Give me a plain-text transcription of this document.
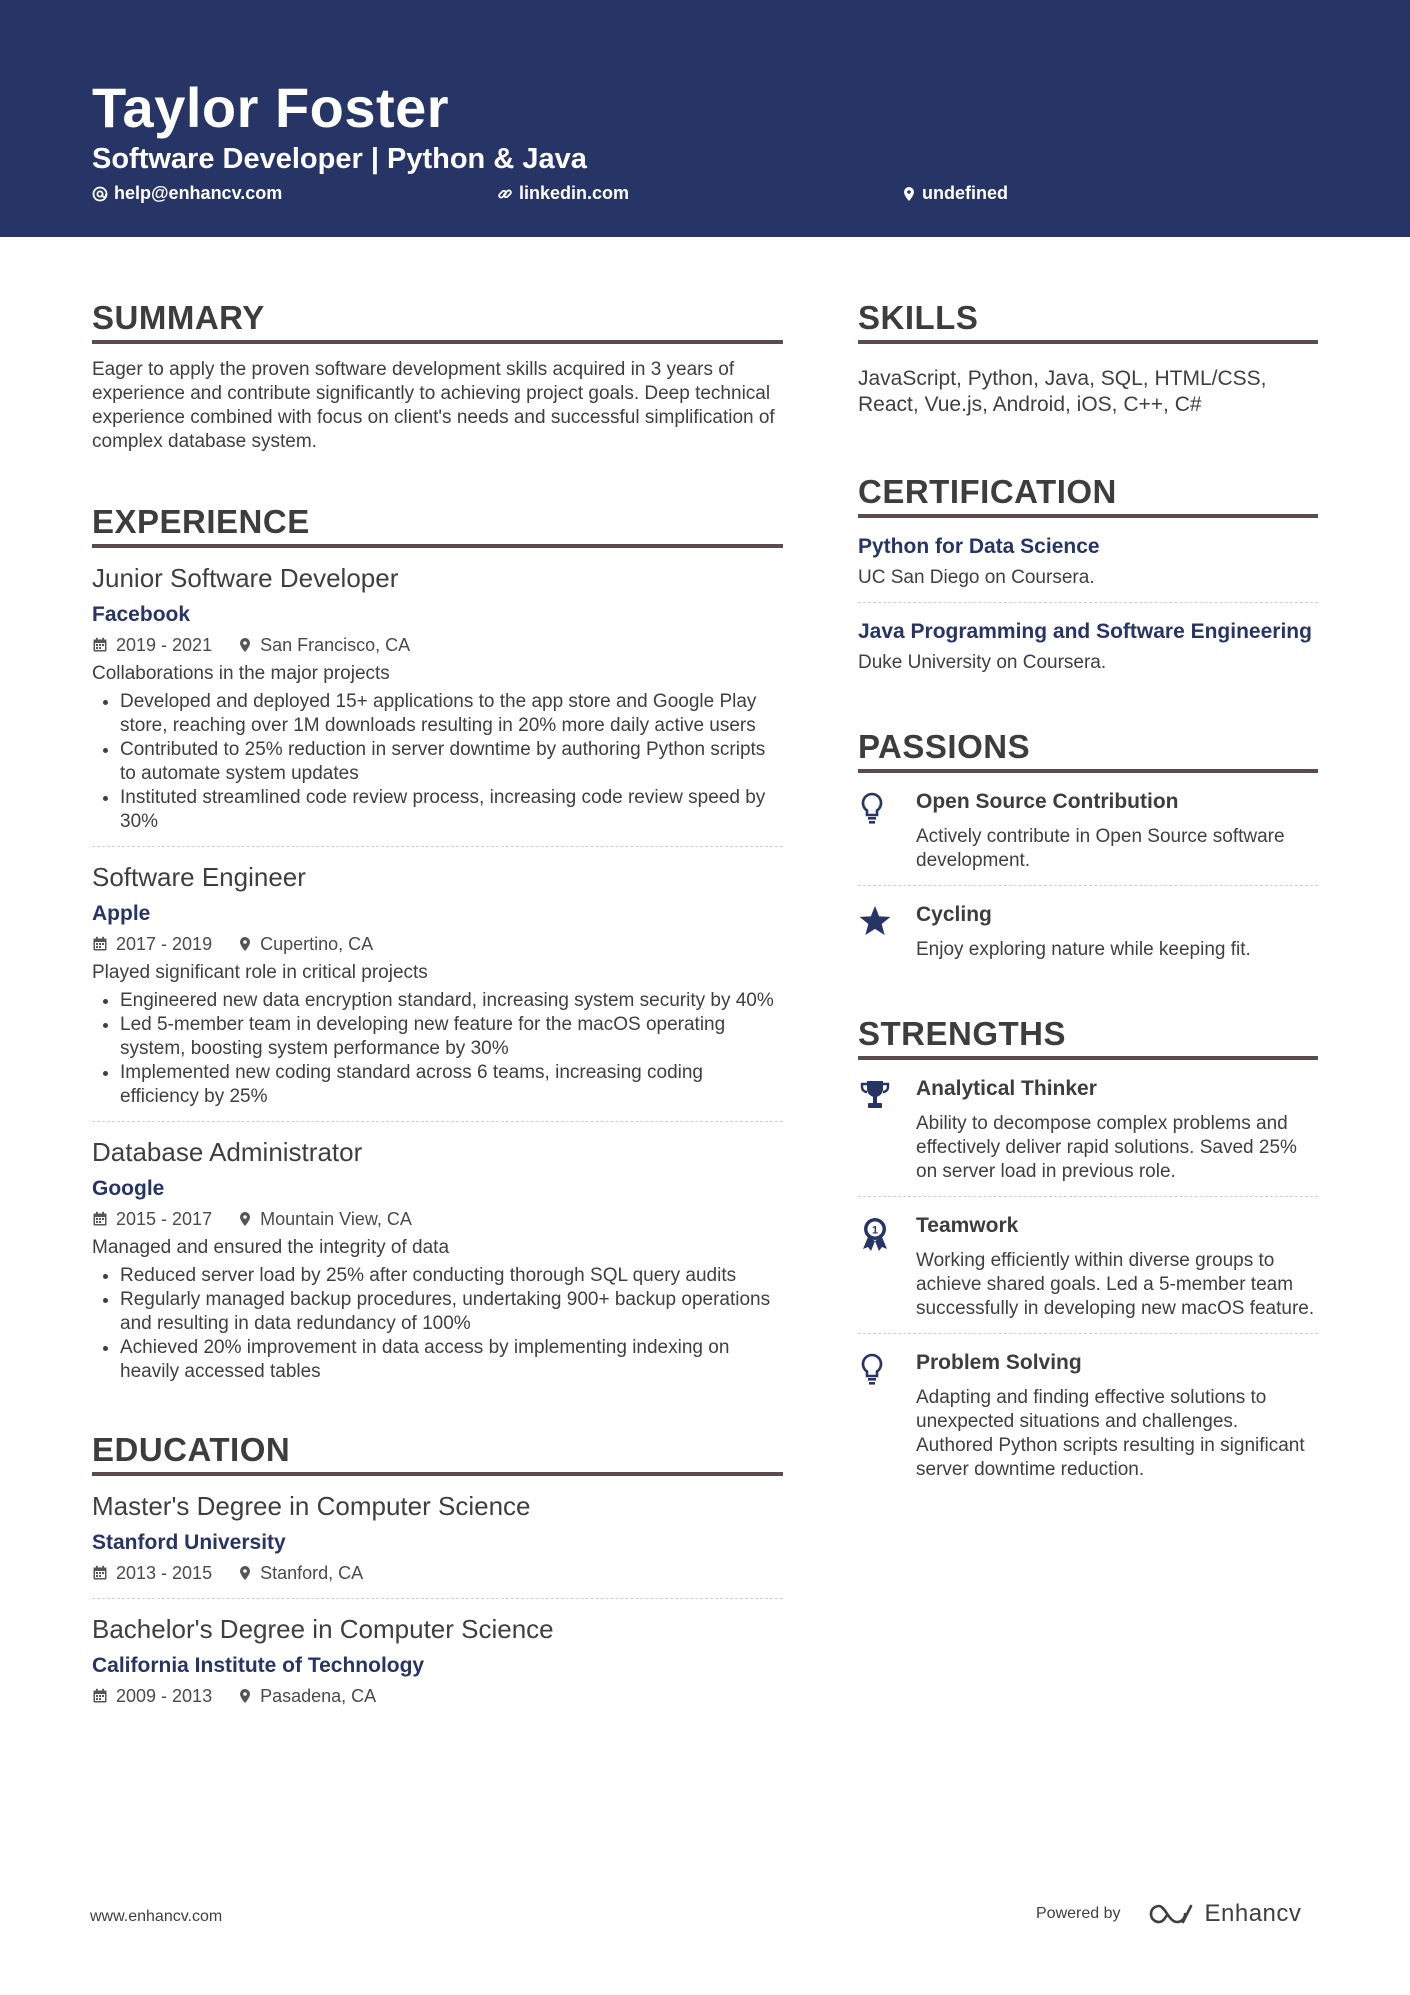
Taylor Foster
Software Developer | Python & Java
help@enhancv.com	linkedin.com	undefined
SUMMARY
Eager to apply the proven software development skills acquired in 3 years of experience and contribute significantly to achieving project goals. Deep technical experience combined with focus on client's needs and successful simplification of complex database system.
EXPERIENCE
Junior Software Developer
Facebook
2019 - 2021	San Francisco, CA
Collaborations in the major projects
• Developed and deployed 15+ applications to the app store and Google Play store, reaching over 1M downloads resulting in 20% more daily active users
• Contributed to 25% reduction in server downtime by authoring Python scripts to automate system updates
• Instituted streamlined code review process, increasing code review speed by 30%
Software Engineer
Apple
2017 - 2019	Cupertino, CA
Played significant role in critical projects
• Engineered new data encryption standard, increasing system security by 40%
• Led 5-member team in developing new feature for the macOS operating system, boosting system performance by 30%
• Implemented new coding standard across 6 teams, increasing coding efficiency by 25%
Database Administrator
Google
2015 - 2017	Mountain View, CA
Managed and ensured the integrity of data
• Reduced server load by 25% after conducting thorough SQL query audits
• Regularly managed backup procedures, undertaking 900+ backup operations and resulting in data redundancy of 100%
• Achieved 20% improvement in data access by implementing indexing on heavily accessed tables
EDUCATION
Master's Degree in Computer Science
Stanford University
2013 - 2015	Stanford, CA
Bachelor's Degree in Computer Science
California Institute of Technology
2009 - 2013	Pasadena, CA
SKILLS
JavaScript, Python, Java, SQL, HTML/CSS, React, Vue.js, Android, iOS, C++, C#
CERTIFICATION
Python for Data Science
UC San Diego on Coursera.
Java Programming and Software Engineering
Duke University on Coursera.
PASSIONS
Open Source Contribution
Actively contribute in Open Source software development.
Cycling
Enjoy exploring nature while keeping fit.
STRENGTHS
Analytical Thinker
Ability to decompose complex problems and effectively deliver rapid solutions. Saved 25% on server load in previous role.
1 Teamwork
Working efficiently within diverse groups to achieve shared goals. Led a 5-member team successfully in developing new macOS feature.
Problem Solving
Adapting and finding effective solutions to unexpected situations and challenges. Authored Python scripts resulting in significant server downtime reduction.
www.enhancv.com	Powered by	Enhancv
